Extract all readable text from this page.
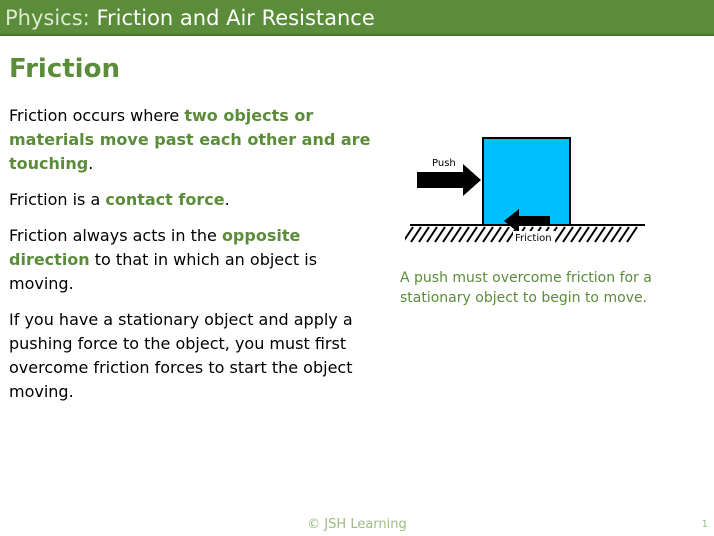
Physics: Friction and Air Resistance
Friction

Friction occurs where two objects or materials move past each other and are touching.

Friction is a contact force.

Friction always acts in the opposite direction to that in which an object is moving.

If you have a stationary object and apply a pushing force to the object, you must first overcome friction forces to start the object moving.

Push
Friction
A push must overcome friction for a stationary object to begin to move.
© JSH Learning	1
